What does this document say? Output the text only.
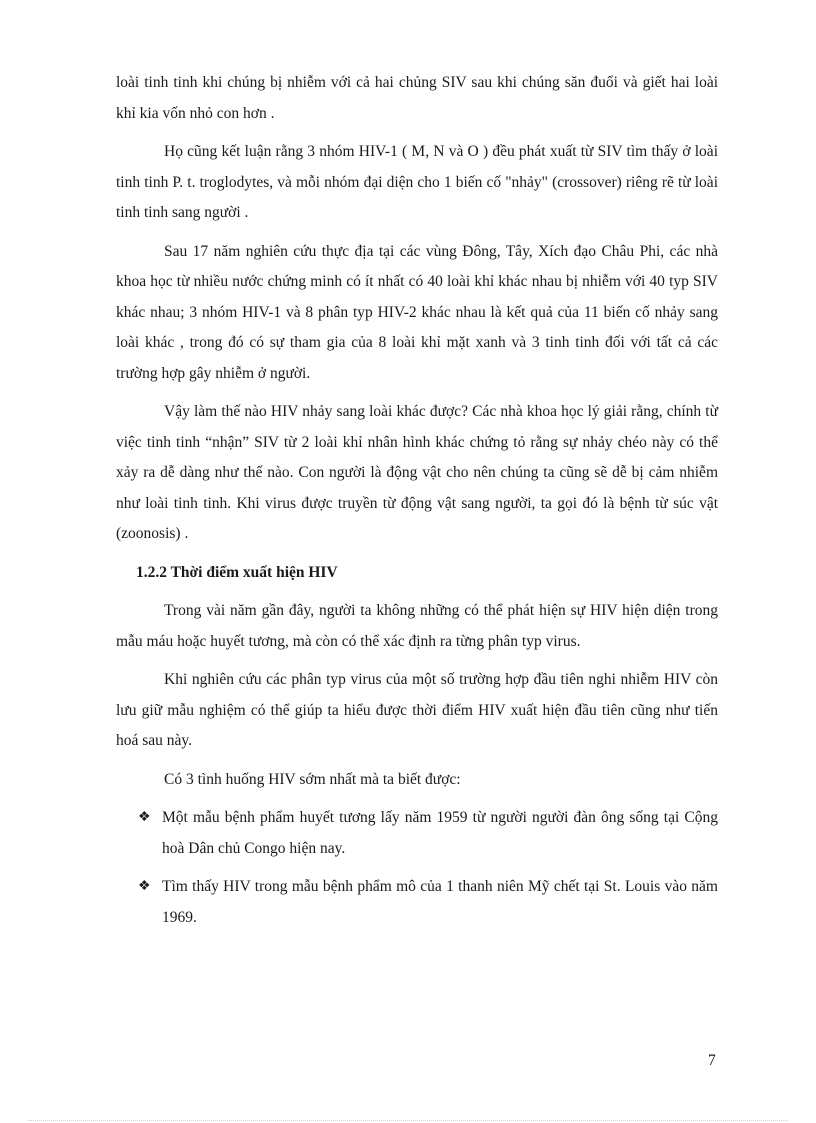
loài tinh tinh khi chúng bị nhiễm với cả hai chủng SIV sau khi chúng săn đuổi và giết hai loài khỉ kia vốn nhỏ con hơn .

Họ cũng kết luận rằng 3 nhóm HIV-1 ( M, N và O ) đều phát xuất từ SIV tìm thấy ở loài tinh tinh P. t. troglodytes, và mỗi nhóm đại diện cho 1 biến cố "nhảy" (crossover) riêng rẽ từ loài tinh tinh sang người .

Sau 17 năm nghiên cứu thực địa tại các vùng Đông, Tây, Xích đạo Châu Phi, các nhà khoa học từ nhiều nước chứng minh có ít nhất có 40 loài khỉ khác nhau bị nhiễm với 40 typ SIV khác nhau; 3 nhóm HIV-1 và 8 phân typ HIV-2 khác nhau là kết quả của 11 biến cố nhảy sang loài khác , trong đó có sự tham gia của 8 loài khỉ mặt xanh và 3 tinh tinh đối với tất cả các trường hợp gây nhiễm ở người.

Vậy làm thế nào HIV nhảy sang loài khác được? Các nhà khoa học lý giải rằng, chính từ việc tinh tinh “nhận” SIV từ 2 loài khỉ nhân hình khác chứng tỏ rằng sự nhảy chéo này có thể xảy ra dễ dàng như thế nào. Con người là động vật cho nên chúng ta cũng sẽ dễ bị cảm nhiễm như loài tinh tinh. Khi virus được truyền từ động vật sang người, ta gọi đó là bệnh từ súc vật (zoonosis) .

1.2.2 Thời điểm xuất hiện HIV

Trong vài năm gần đây, người ta không những có thể phát hiện sự HIV hiện diện trong mẫu máu hoặc huyết tương, mà còn có thể xác định ra từng phân typ virus.

Khi nghiên cứu các phân typ virus của một số trường hợp đầu tiên nghi nhiễm HIV còn lưu giữ mẫu nghiệm có thể giúp ta hiểu được thời điểm HIV xuất hiện đầu tiên cũng như tiến hoá sau này.

Có 3 tình huống HIV sớm nhất mà ta biết được:

❖ Một mẫu bệnh phẩm huyết tương lấy năm 1959 từ người người đàn ông sống tại Cộng hoà Dân chủ Congo hiện nay.

❖ Tìm thấy HIV trong mẫu bệnh phẩm mô của 1 thanh niên Mỹ chết tại St. Louis vào năm 1969.

7
